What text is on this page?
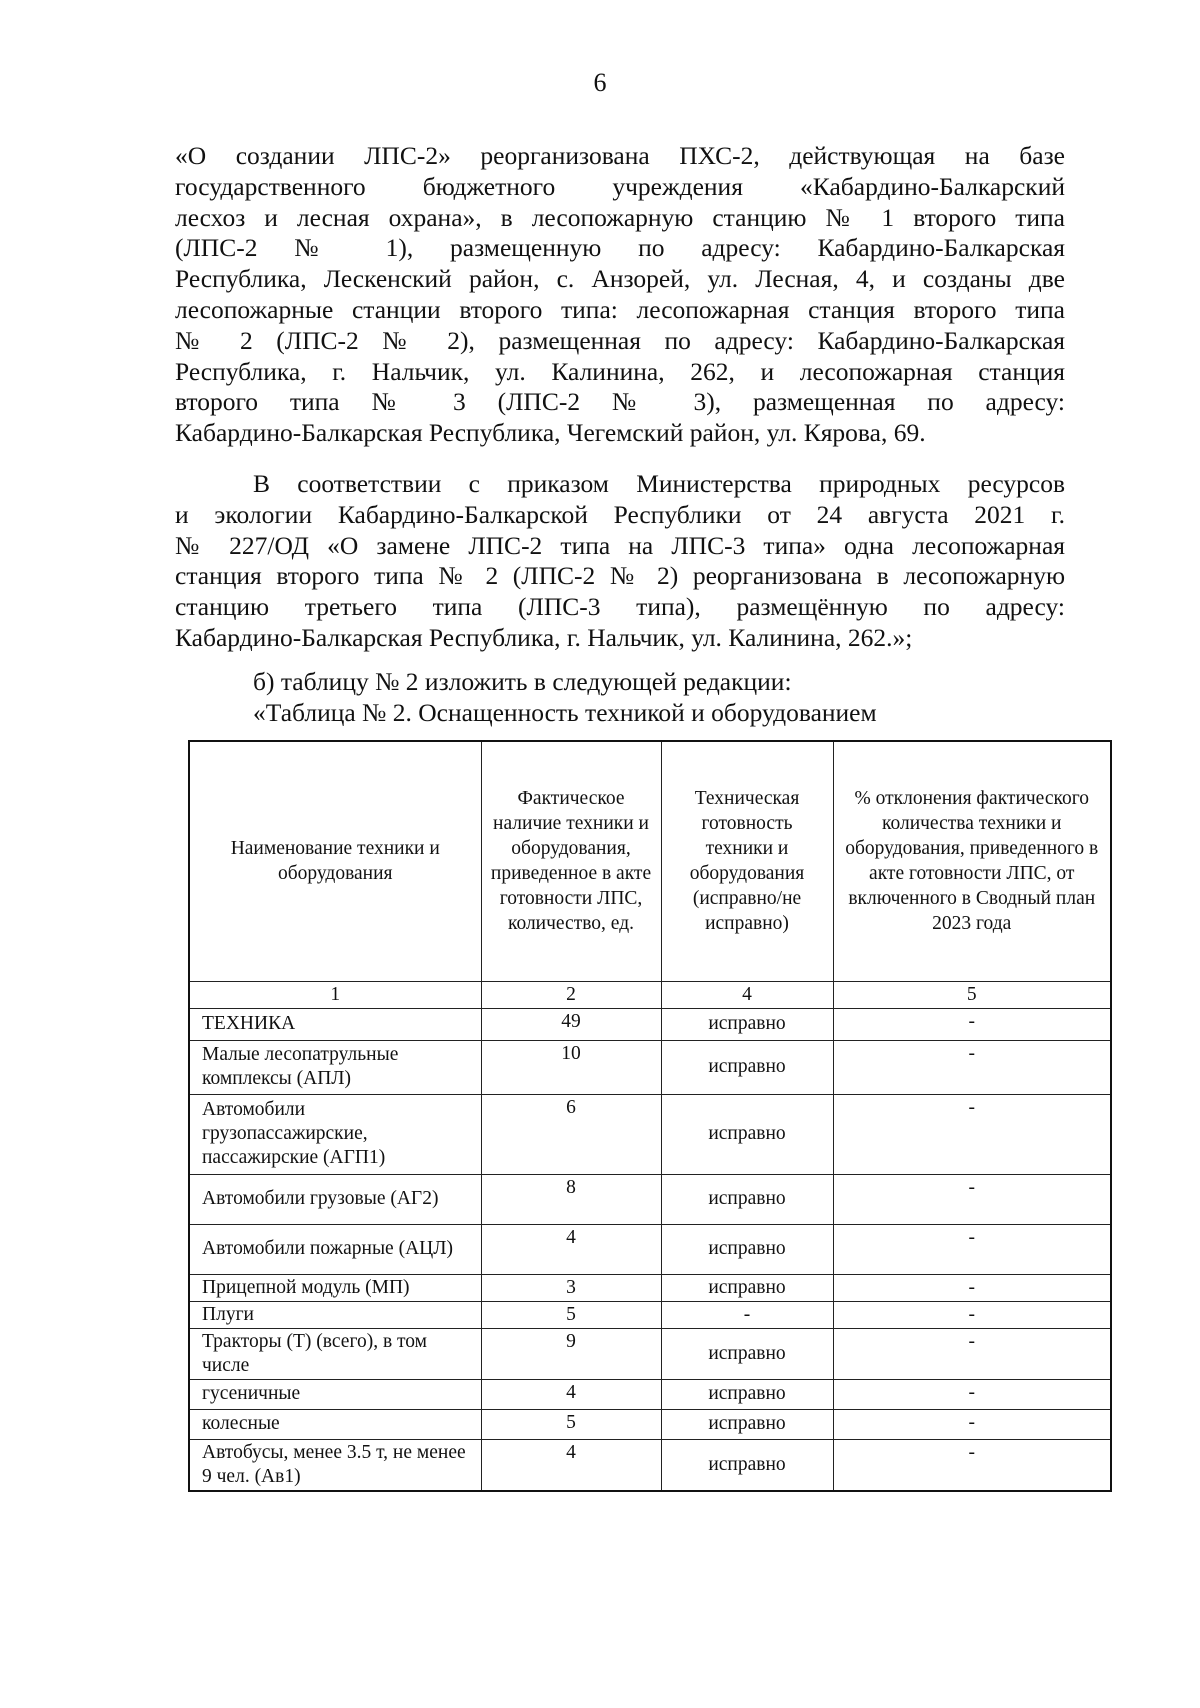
6
«О создании ЛПС-2» реорганизована ПХС-2, действующая на базе
государственного бюджетного учреждения «Кабардино-Балкарский
лесхоз и лесная охрана», в лесопожарную станцию № 1 второго типа
(ЛПС-2 № 1), размещенную по адресу: Кабардино-Балкарская
Республика, Лескенский район, с. Анзорей, ул. Лесная, 4, и созданы две
лесопожарные станции второго типа: лесопожарная станция второго типа
№ 2 (ЛПС-2 № 2), размещенная по адресу: Кабардино-Балкарская
Республика, г. Нальчик, ул. Калинина, 262, и лесопожарная станция
второго типа № 3 (ЛПС-2 № 3), размещенная по адресу:
Кабардино-Балкарская Республика, Чегемский район, ул. Кярова, 69.
В соответствии с приказом Министерства природных ресурсов
и экологии Кабардино-Балкарской Республики от 24 августа 2021 г.
№ 227/ОД «О замене ЛПС-2 типа на ЛПС-3 типа» одна лесопожарная
станция второго типа № 2 (ЛПС-2 № 2) реорганизована в лесопожарную
станцию третьего типа (ЛПС-3 типа), размещённую по адресу:
Кабардино-Балкарская Республика, г. Нальчик, ул. Калинина, 262.»;
б) таблицу № 2 изложить в следующей редакции:
«Таблица № 2. Оснащенность техникой и оборудованием
Наименование техники и оборудования	Фактическое наличие техники и оборудования, приведенное в акте готовности ЛПС, количество, ед.	Техническая готовность техники и оборудования (исправно/не исправно)	% отклонения фактического количества техники и оборудования, приведенного в акте готовности ЛПС, от включенного в Сводный план 2023 года
1	2	4	5
ТЕХНИКА	49	исправно	-
Малые лесопатрульные комплексы (АПЛ)	10	исправно	-
Автомобили грузопассажирские, пассажирские (АГП1)	6	исправно	-
Автомобили грузовые (АГ2)	8	исправно	-
Автомобили пожарные (АЦЛ)	4	исправно	-
Прицепной модуль (МП)	3	исправно	-
Плуги	5	-	-
Тракторы (Т) (всего), в том числе	9	исправно	-
гусеничные	4	исправно	-
колесные	5	исправно	-
Автобусы, менее 3.5 т, не менее 9 чел. (Ав1)	4	исправно	-
